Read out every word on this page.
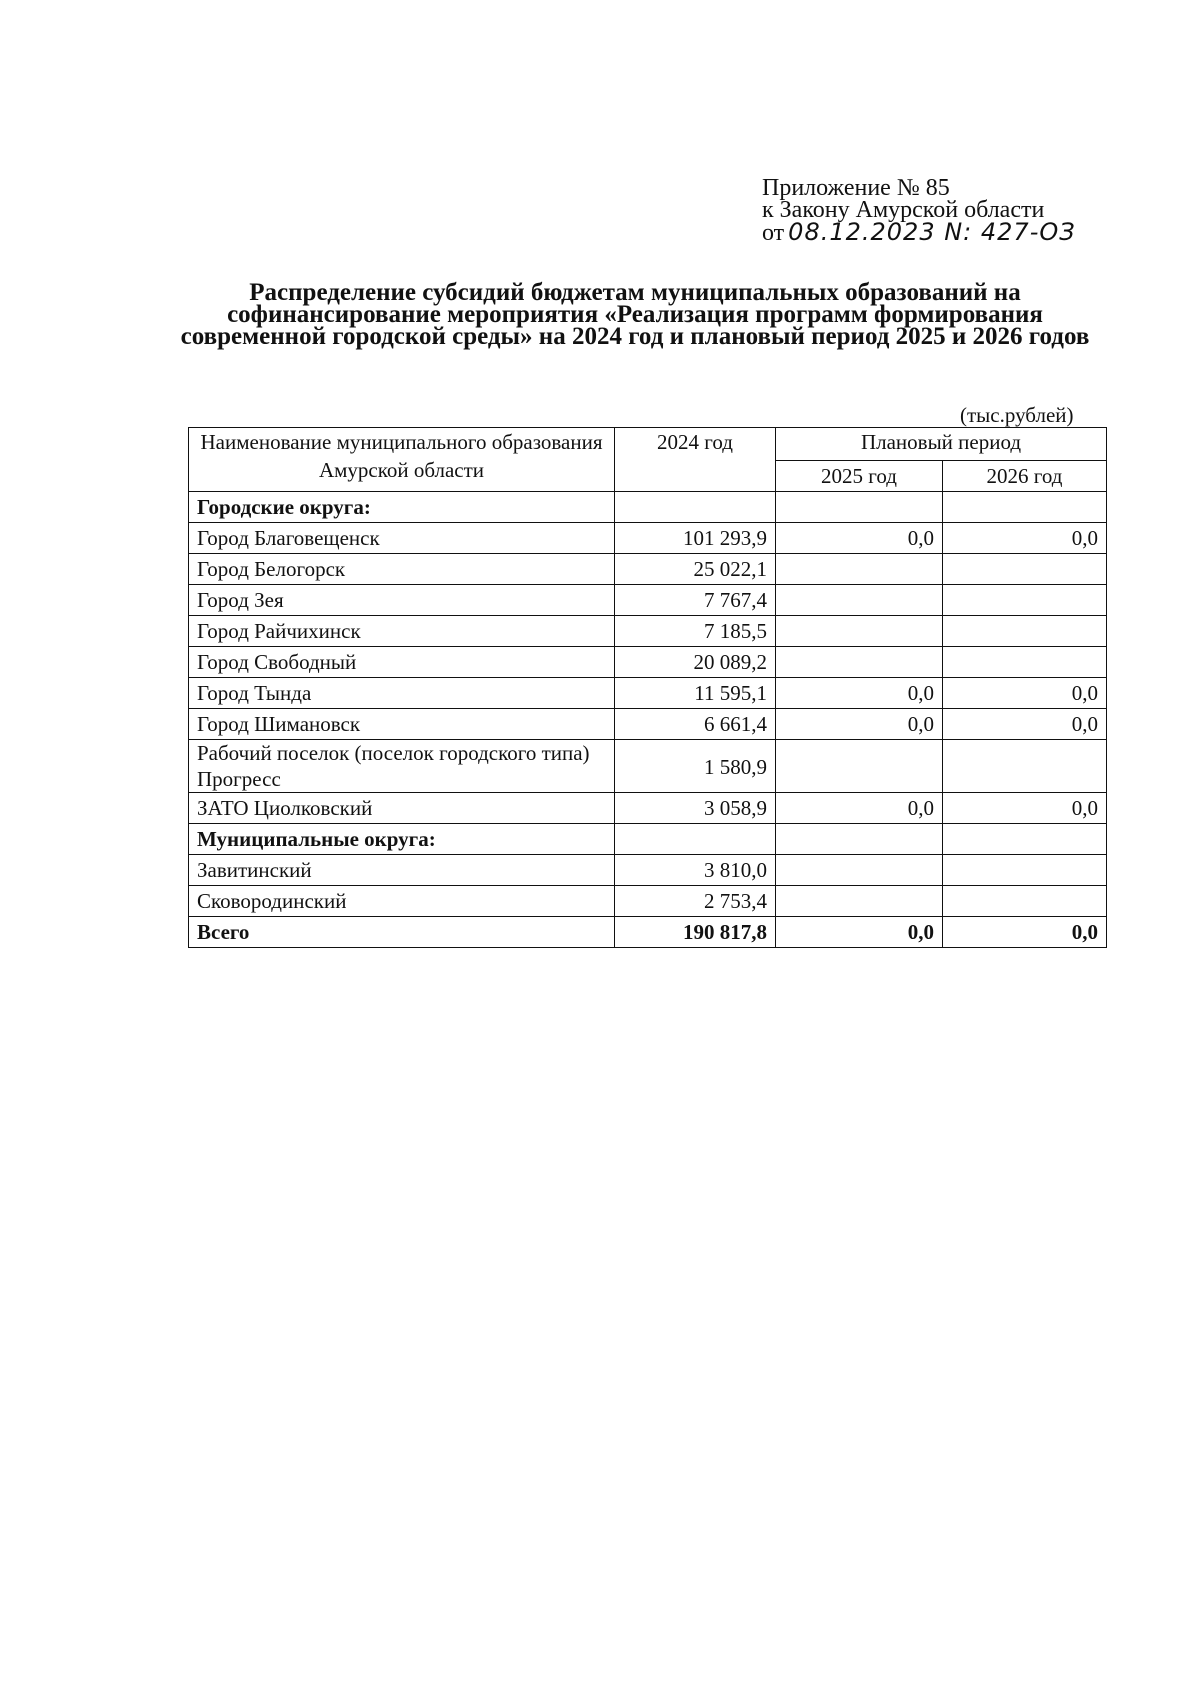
Приложение № 85
к Закону Амурской области
от 08.12.2023 N: 427-ОЗ
Распределение субсидий бюджетам муниципальных образований на софинансирование мероприятия «Реализация программ формирования современной городской среды» на 2024 год и плановый период 2025 и 2026 годов
(тыс.рублей)
Наименование муниципального образования Амурской области	2024 год	Плановый период	
		2025 год	2026 год
Городские округа:			
Город Благовещенск	101 293,9	0,0	0,0
Город Белогорск	25 022,1		
Город Зея	7 767,4		
Город Райчихинск	7 185,5		
Город Свободный	20 089,2		
Город Тында	11 595,1	0,0	0,0
Город Шимановск	6 661,4	0,0	0,0
Рабочий поселок (поселок городского типа) Прогресс	1 580,9		
ЗАТО Циолковский	3 058,9	0,0	0,0
Муниципальные округа:			
Завитинский	3 810,0		
Сковородинский	2 753,4		
Всего	190 817,8	0,0	0,0
